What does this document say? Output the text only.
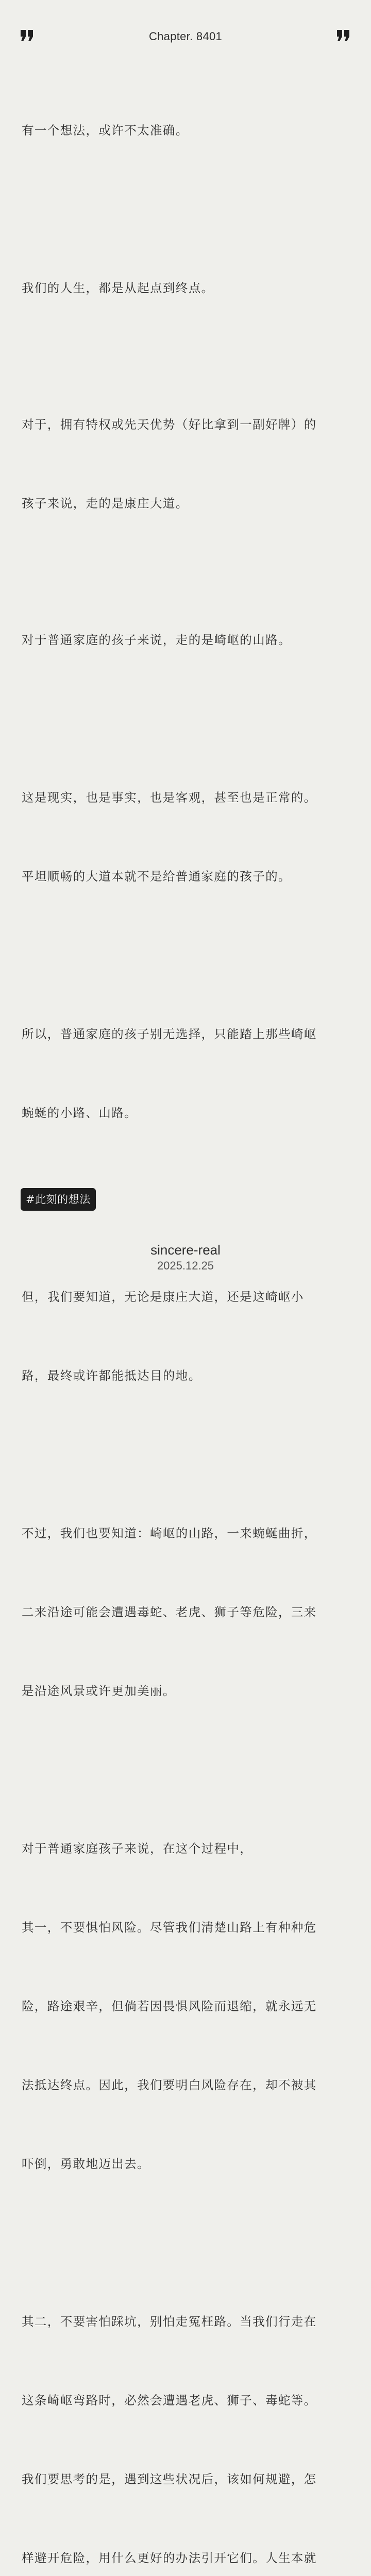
Chapter. 8401

有一个想法，或许不太准确。

我们的人生，都是从起点到终点。

对于，拥有特权或先天优势（好比拿到一副好牌）的

孩子来说，走的是康庄大道。

对于普通家庭的孩子来说，走的是崎岖的山路。

这是现实，也是事实，也是客观，甚至也是正常的。

平坦顺畅的大道本就不是给普通家庭的孩子的。

所以，普通家庭的孩子别无选择，只能踏上那些崎岖

蜿蜒的小路、山路。

但，我们要知道，无论是康庄大道，还是这崎岖小

路，最终或许都能抵达目的地。

不过，我们也要知道：崎岖的山路，一来蜿蜒曲折，

二来沿途可能会遭遇毒蛇、老虎、狮子等危险，三来

是沿途风景或许更加美丽。

对于普通家庭孩子来说，在这个过程中，

其一，不要惧怕风险。尽管我们清楚山路上有种种危

险，路途艰辛，但倘若因畏惧风险而退缩，就永远无

法抵达终点。因此，我们要明白风险存在，却不被其

吓倒，勇敢地迈出去。

其二，不要害怕踩坑，别怕走冤枉路。当我们行走在

这条崎岖弯路时，必然会遭遇老虎、狮子、毒蛇等。

我们要思考的是，遇到这些状况后，该如何规避，怎

样避开危险，用什么更好的办法引开它们。人生本就

#此刻的想法
sincere-real
2025.12.25
